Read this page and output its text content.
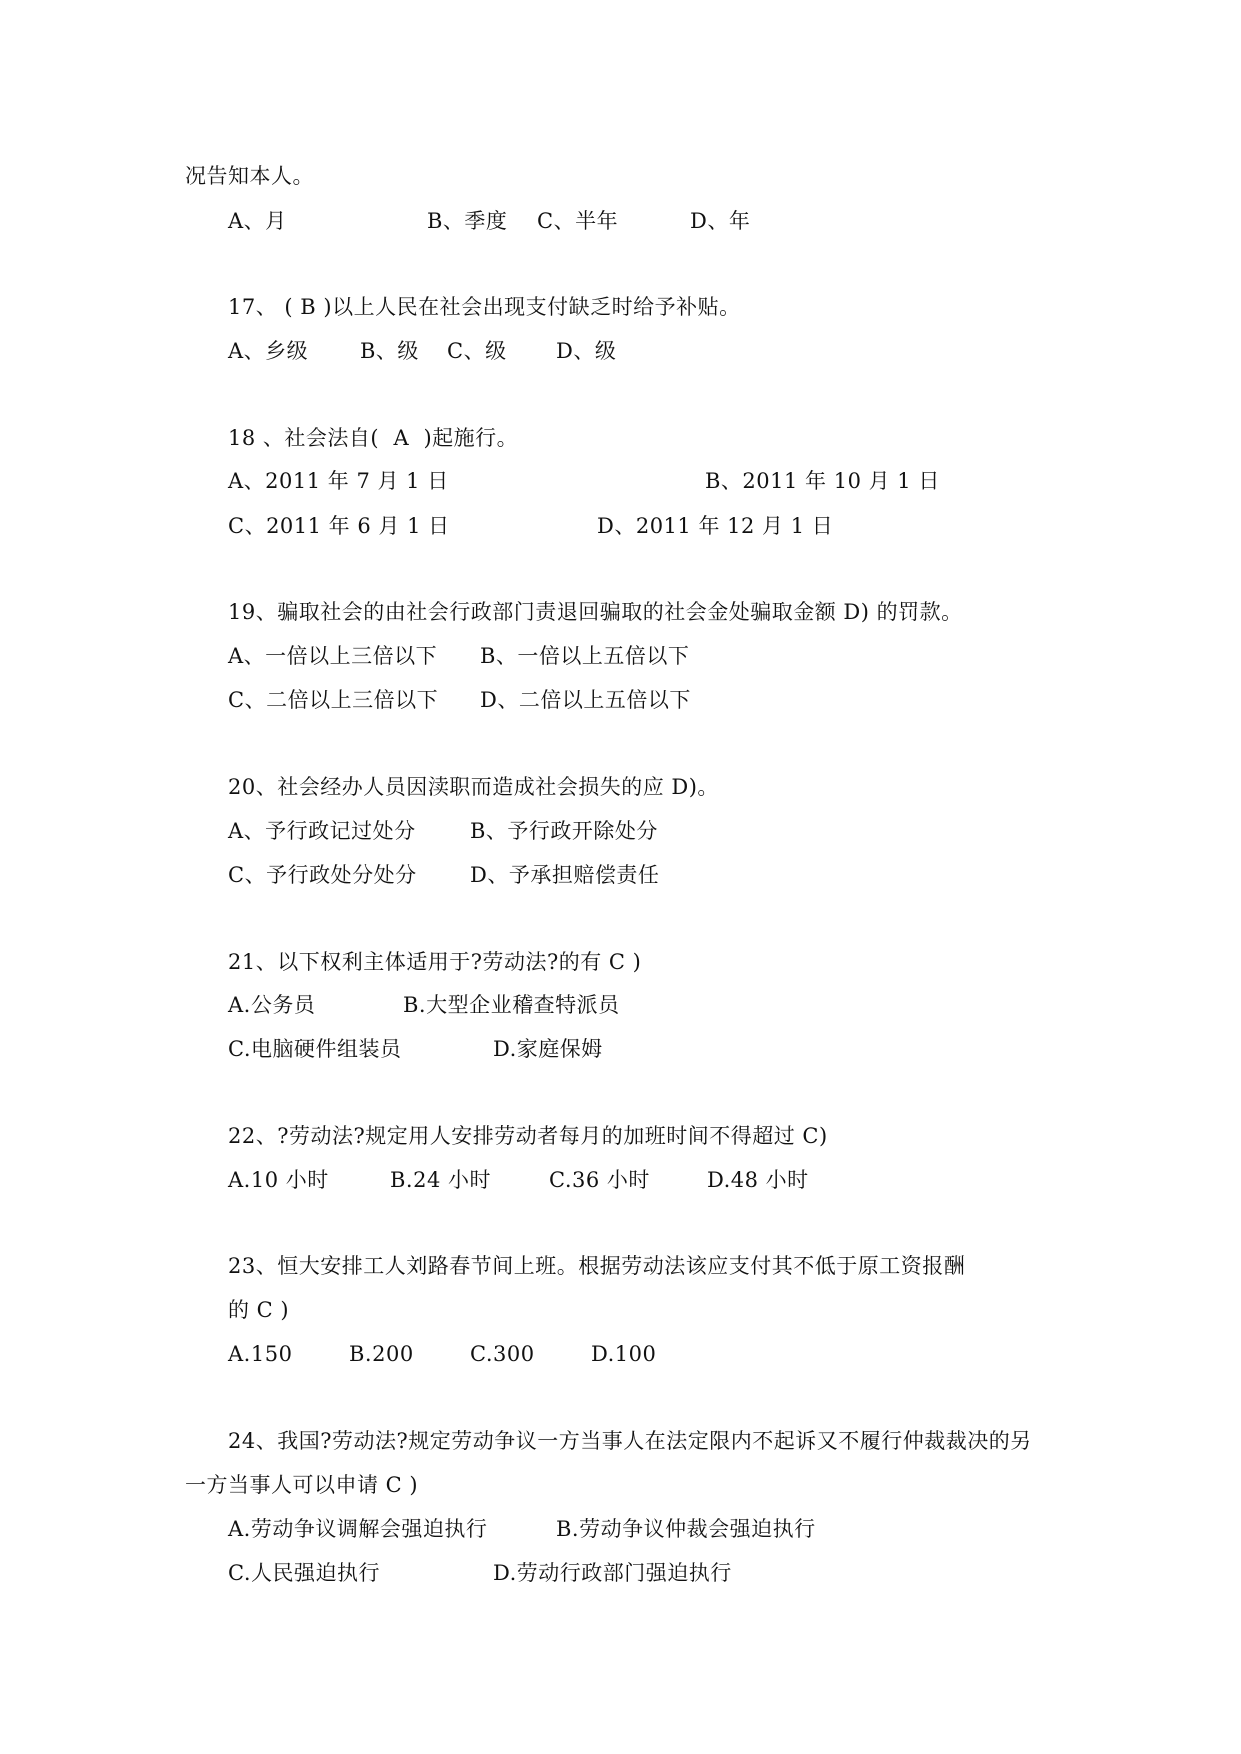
况告知本人。
A、月	B、季度 C、半年	D、年
17、 ( B )以上人民在社会出现支付缺乏时给予补贴。
A、乡级 B、级 C、级 D、级
18 、社会法自(  A  )起施行。
A、2011 年 7 月 1 日	B、2011 年 10 月 1 日
C、2011 年 6 月 1 日	D、2011 年 12 月 1 日
19、骗取社会的由社会行政部门责退回骗取的社会金处骗取金额 D) 的罚款。
A、一倍以上三倍以下 B、一倍以上五倍以下
C、二倍以上三倍以下 D、二倍以上五倍以下
20、社会经办人员因渎职而造成社会损失的应 D)。
A、予行政记过处分	B、予行政开除处分
C、予行政处分处分	D、予承担赔偿责任
21、以下权利主体适用于?劳动法?的有 C )
A.公务员	B.大型企业稽查特派员
C.电脑硬件组装员	D.家庭保姆
22、?劳动法?规定用人安排劳动者每月的加班时间不得超过 C)
A.10 小时	B.24 小时	C.36 小时	D.48 小时
23、恒大安排工人刘路春节间上班。根据劳动法该应支付其不低于原工资报酬
的 C )
A.150	B.200	C.300	D.100
24、我国?劳动法?规定劳动争议一方当事人在法定限内不起诉又不履行仲裁裁决的另
一方当事人可以申请 C )
A.劳动争议调解会强迫执行	B.劳动争议仲裁会强迫执行
C.人民强迫执行	D.劳动行政部门强迫执行
